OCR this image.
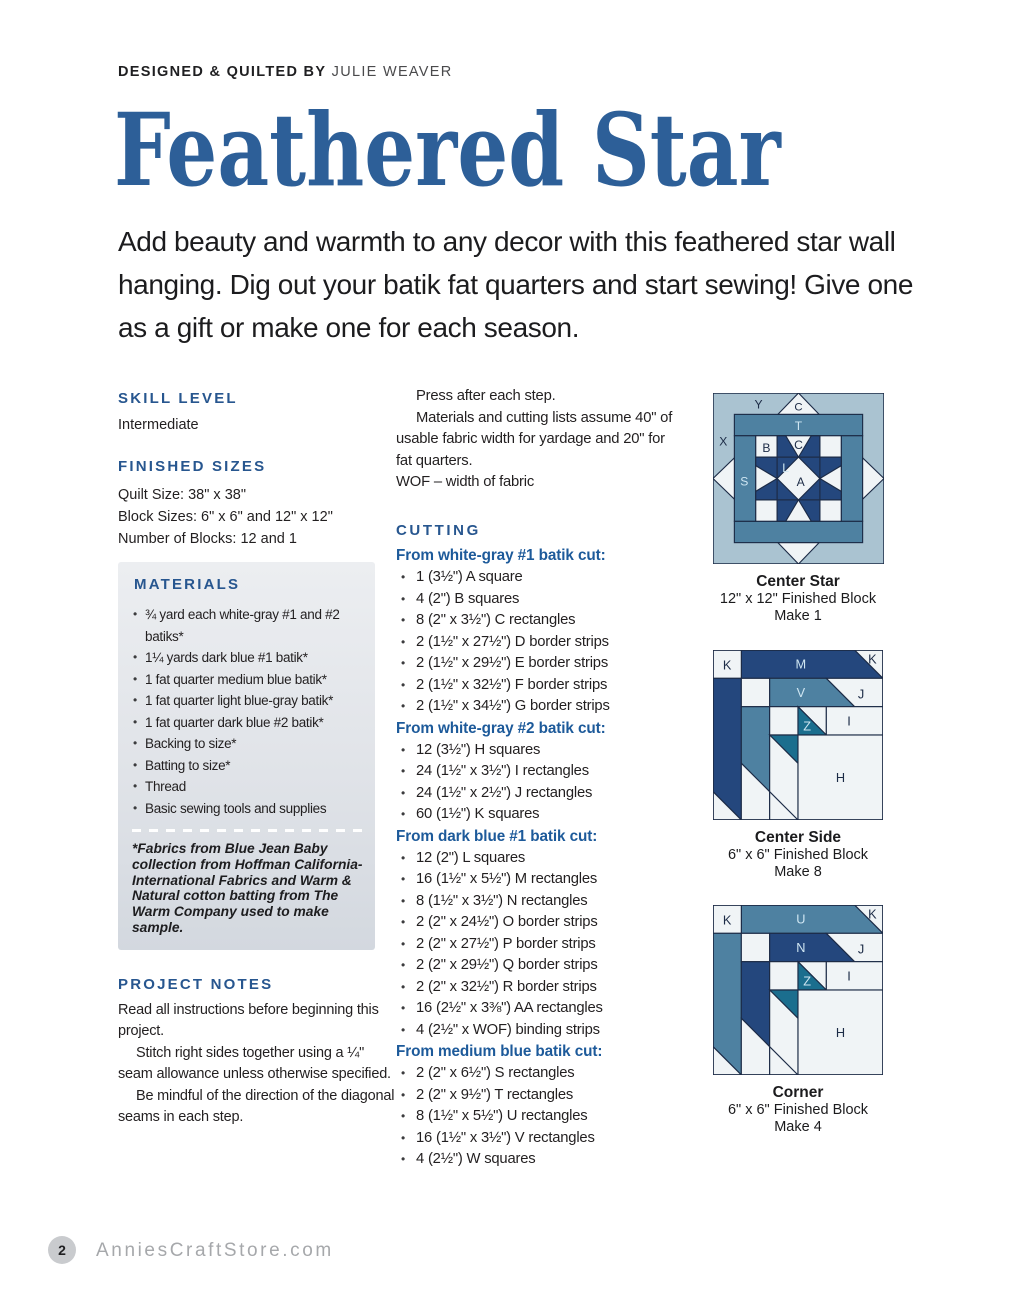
DESIGNED & QUILTED BY JULIE WEAVER

Feathered Star

Add beauty and warmth to any decor with this feathered star wall hanging. Dig out your batik fat quarters and start sewing! Give one as a gift or make one for each season.

SKILL LEVEL

Intermediate

FINISHED SIZES
Quilt Size: 38" x 38"
Block Sizes: 6" x 6" and 12" x 12"
Number of Blocks: 12 and 1
MATERIALS
• ¾ yard each white-gray #1 and #2 batiks*
• 1¼ yards dark blue #1 batik*
• 1 fat quarter medium blue batik*
• 1 fat quarter light blue-gray batik*
• 1 fat quarter dark blue #2 batik*
• Backing to size*
• Batting to size*
• Thread
• Basic sewing tools and supplies

*Fabrics from Blue Jean Baby collection from Hoffman California-International Fabrics and Warm & Natural cotton batting from The Warm Company used to make sample.

PROJECT NOTES

Read all instructions before beginning this project.

Stitch right sides together using a ¼" seam allowance unless otherwise specified.

Be mindful of the direction of the diagonal seams in each step.

Press after each step.

Materials and cutting lists assume 40" of usable fabric width for yardage and 20" for fat quarters.

WOF – width of fabric

CUTTING
From white-gray #1 batik cut:
• 1 (3½") A square
• 4 (2") B squares
• 8 (2" x 3½") C rectangles
• 2 (1½" x 27½") D border strips
• 2 (1½" x 29½") E border strips
• 2 (1½" x 32½") F border strips
• 2 (1½" x 34½") G border strips
From white-gray #2 batik cut:
• 12 (3½") H squares
• 24 (1½" x 3½") I rectangles
• 24 (1½" x 2½") J rectangles
• 60 (1½") K squares
From dark blue #1 batik cut:
• 12 (2") L squares
• 16 (1½" x 5½") M rectangles
• 8 (1½" x 3½") N rectangles
• 2 (2" x 24½") O border strips
• 2 (2" x 27½") P border strips
• 2 (2" x 29½") Q border strips
• 2 (2" x 32½") R border strips
• 16 (2½" x 3⅜") AA rectangles
• 4 (2½" x WOF) binding strips
From medium blue batik cut:
• 2 (2" x 6½") S rectangles
• 2 (2" x 9½") T rectangles
• 8 (1½" x 5½") U rectangles
• 16 (1½" x 3½") V rectangles
• 4 (2½") W squares
Y	C
X
T
S
B	C
L
A
Center Star
12" x 12" Finished Block
Make 1
K	M	K
V	J
Z	I
H
Center Side
6" x 6" Finished Block
Make 8
K	U	K
N	J
Z	I
H
Corner
6" x 6" Finished Block
Make 4
2	AnniesCraftStore.com
